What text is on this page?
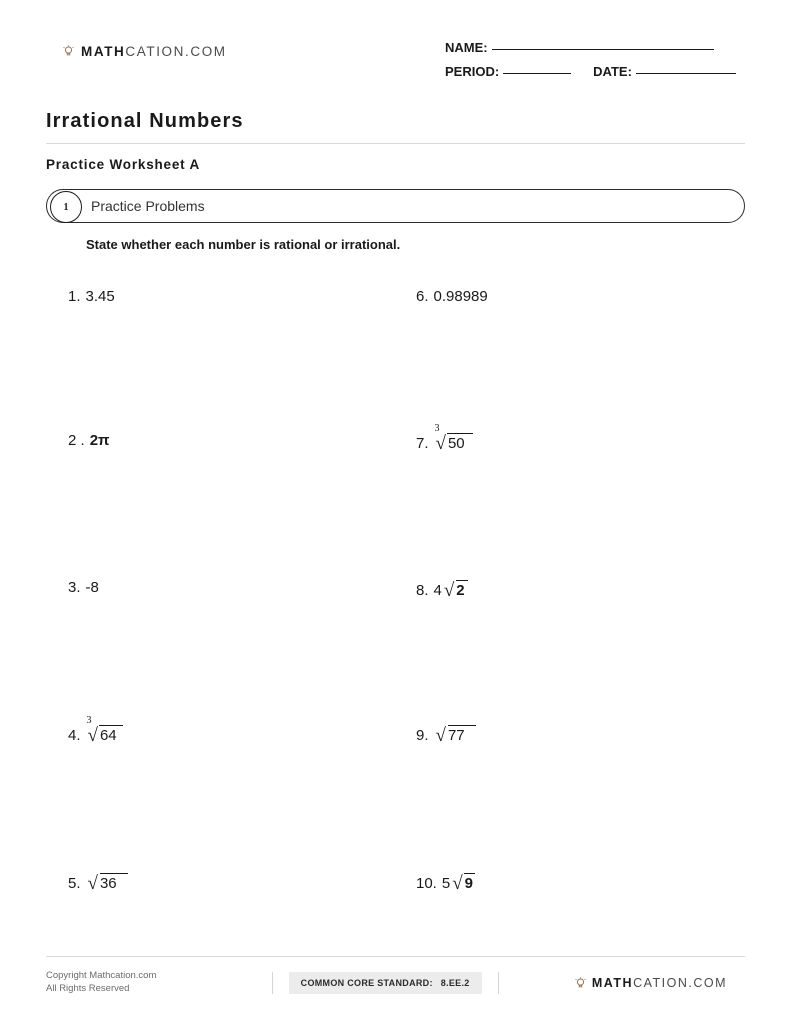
MATHCATION.COM	NAME:
PERIOD:	DATE:
Irrational Numbers
Practice Worksheet A
1	Practice Problems
State whether each number is rational or irrational.
1. 3.45
2 . 2π
3. -8
4.
3
√ 64
5. √ 36
6. 0.98989
7.
3
√ 50
8. 4 √ 2
9. √ 77
10. 5 √ 9
Copyright Mathcation.com
All Rights Reserved	COMMON CORE STANDARD: 8.EE.2	MATHCATION.COM
